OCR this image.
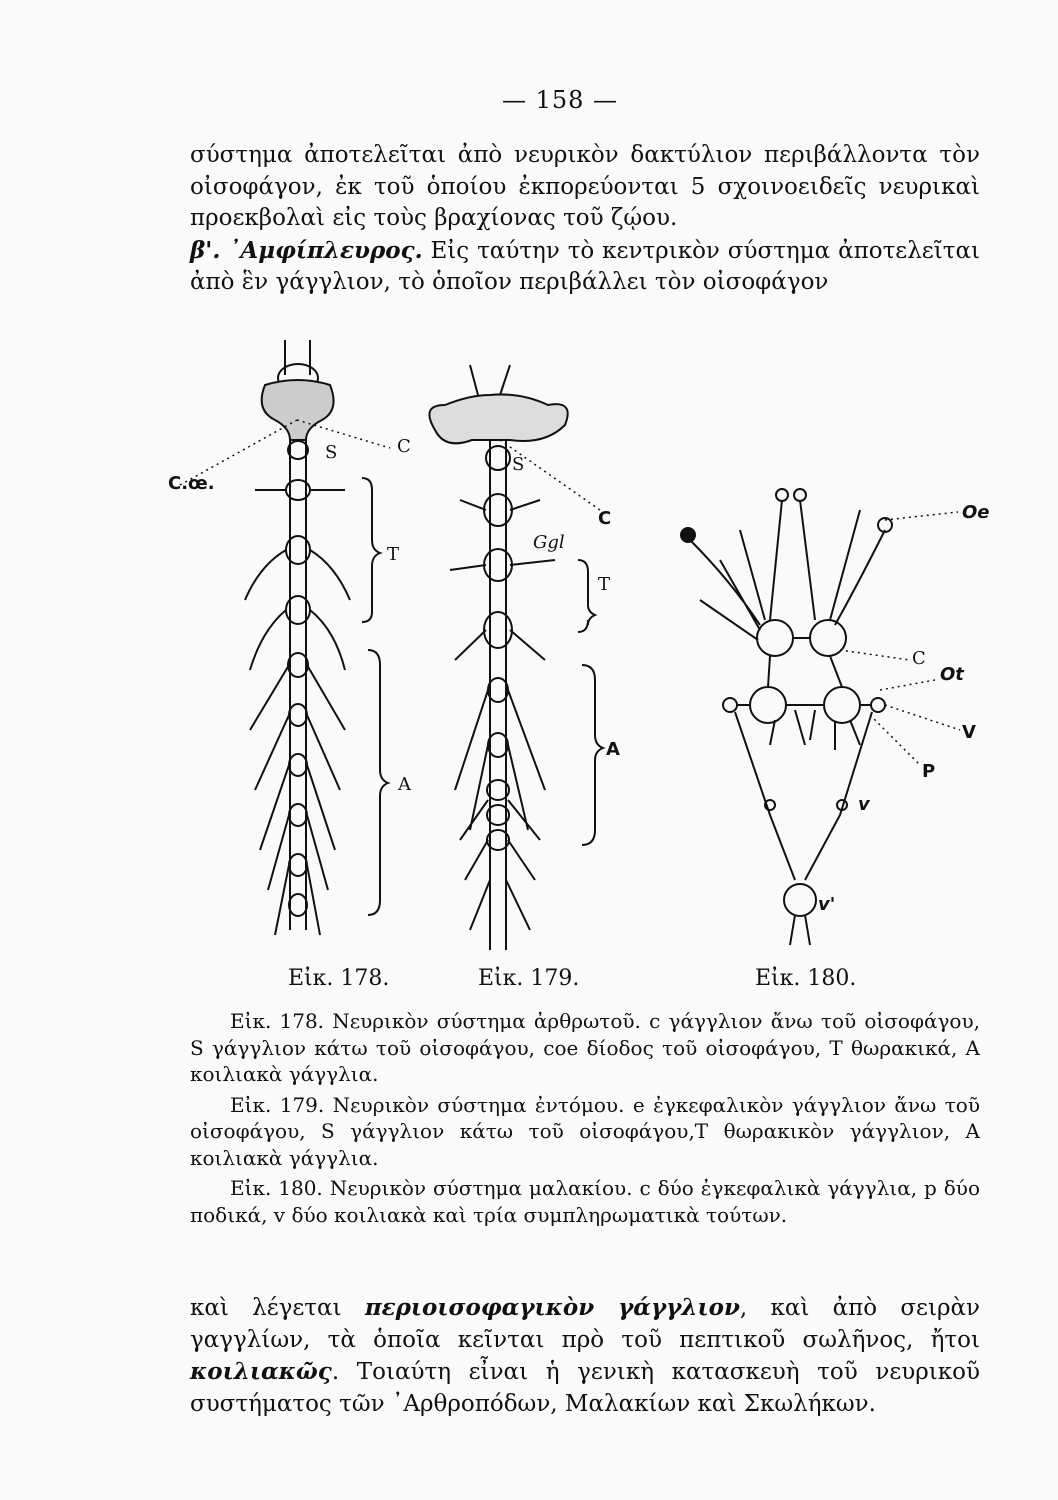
— 158 —

σύστημα ἀποτελεῖται ἀπὸ νευρικὸν δακτύλιον περιβάλλοντα τὸν οἰσοφάγον, ἐκ τοῦ ὁποίου ἐκπορεύονται 5 σχοινοειδεῖς νευρικαὶ προεκβολαὶ εἰς τοὺς βραχίονας τοῦ ζῴου.
β'. ᾿Αμφίπλευρος. Εἰς ταύτην τὸ κεντρικὸν σύστημα ἀποτελεῖται ἀπὸ ἓν γάγγλιον, τὸ ὁποῖον περιβάλλει τὸν οἰσοφάγον

C.œ.
S	C
T
A
S
C
Ggl
T
A
Oe
C
Ot
V
P
v
v'
Εἰκ. 178.	Εἰκ. 179.	Εἰκ. 180.

Εἰκ. 178. Νευρικὸν σύστημα ἀρθρωτοῦ. c γάγγλιον ἄνω τοῦ οἰσοφάγου, S γάγγλιον κάτω τοῦ οἰσοφάγου, coe δίοδος τοῦ οἰσοφάγου, T θωρακικά, A κοιλιακὰ γάγγλια.

Εἰκ. 179. Νευρικὸν σύστημα ἐντόμου. e ἐγκεφαλικὸν γάγγλιον ἄνω τοῦ οἰσοφάγου, S γάγγλιον κάτω τοῦ οἰσοφάγου,T θωρακικὸν γάγγλιον, A κοιλιακὰ γάγγλια.

Εἰκ. 180. Νευρικὸν σύστημα μαλακίου. c δύο ἐγκεφαλικὰ γάγγλια, p δύο ποδικά, v δύο κοιλιακὰ καὶ τρία συμπληρωματικὰ τούτων.

καὶ λέγεται περιοισοφαγικὸν γάγγλιον, καὶ ἀπὸ σειρὰν γαγγλίων, τὰ ὁποῖα κεῖνται πρὸ τοῦ πεπτικοῦ σωλῆνος, ἤτοι κοιλιακῶς. Τοιαύτη εἶναι ἡ γενικὴ κατασκευὴ τοῦ νευρικοῦ συστήματος τῶν ᾿Αρθροπόδων, Μαλακίων καὶ Σκωλήκων.
